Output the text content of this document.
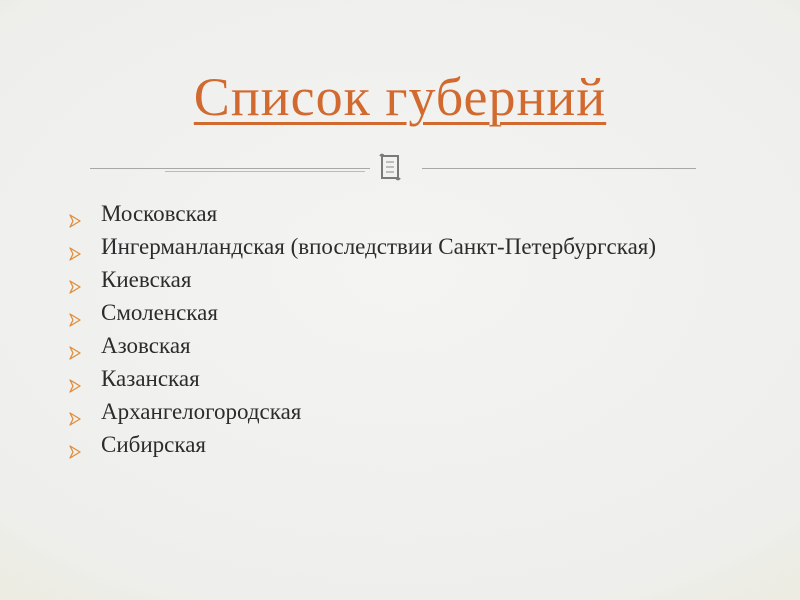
Список губерний
Московская
Ингерманландская (впоследствии Санкт-Петербургская)
Киевская
Смоленская
Азовская
Казанская
Архангелогородская
Сибирская
